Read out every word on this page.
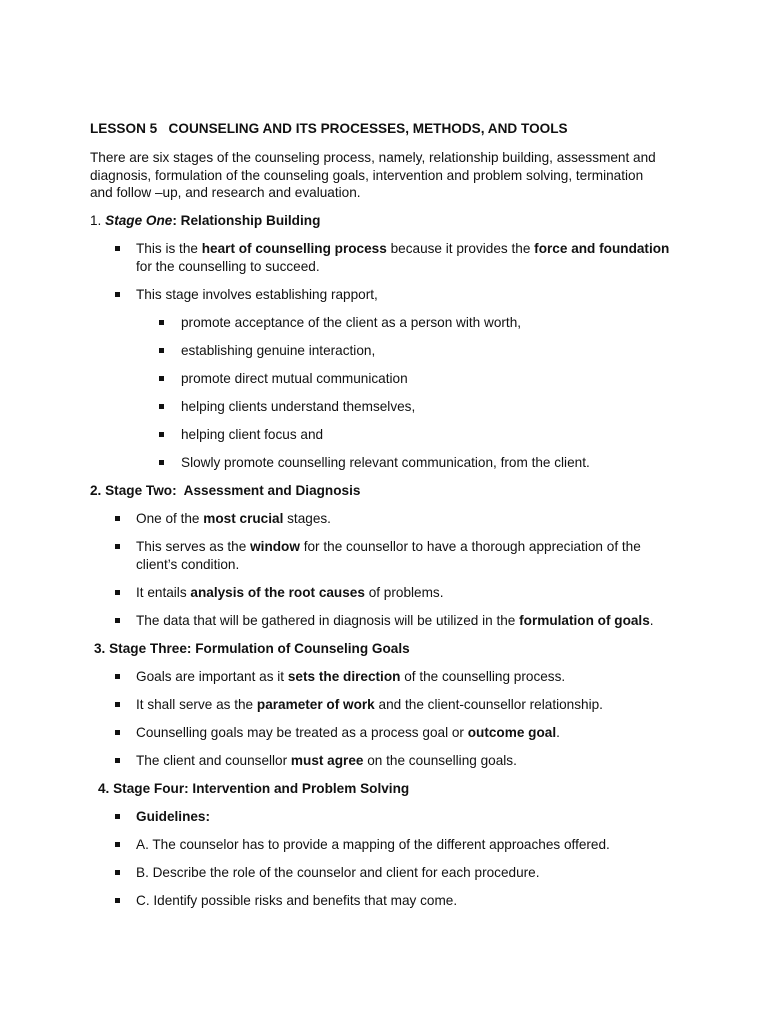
LESSON 5   COUNSELING AND ITS PROCESSES, METHODS, AND TOOLS
There are six stages of the counseling process, namely, relationship building, assessment and
diagnosis, formulation of the counseling goals, intervention and problem solving, termination
and follow –up, and research and evaluation.
1. Stage One: Relationship Building
This is the heart of counselling process because it provides the force and foundation
for the counselling to succeed.
This stage involves establishing rapport,
promote acceptance of the client as a person with worth,
establishing genuine interaction,
promote direct mutual communication
helping clients understand themselves,
helping client focus and
Slowly promote counselling relevant communication, from the client.
2. Stage Two:  Assessment and Diagnosis
One of the most crucial stages.
This serves as the window for the counsellor to have a thorough appreciation of the
client’s condition.
It entails analysis of the root causes of problems.
The data that will be gathered in diagnosis will be utilized in the formulation of goals.
3. Stage Three: Formulation of Counseling Goals
Goals are important as it sets the direction of the counselling process.
It shall serve as the parameter of work and the client-counsellor relationship.
Counselling goals may be treated as a process goal or outcome goal.
The client and counsellor must agree on the counselling goals.
4. Stage Four: Intervention and Problem Solving
Guidelines:
A. The counselor has to provide a mapping of the different approaches offered.
B. Describe the role of the counselor and client for each procedure.
C. Identify possible risks and benefits that may come.
